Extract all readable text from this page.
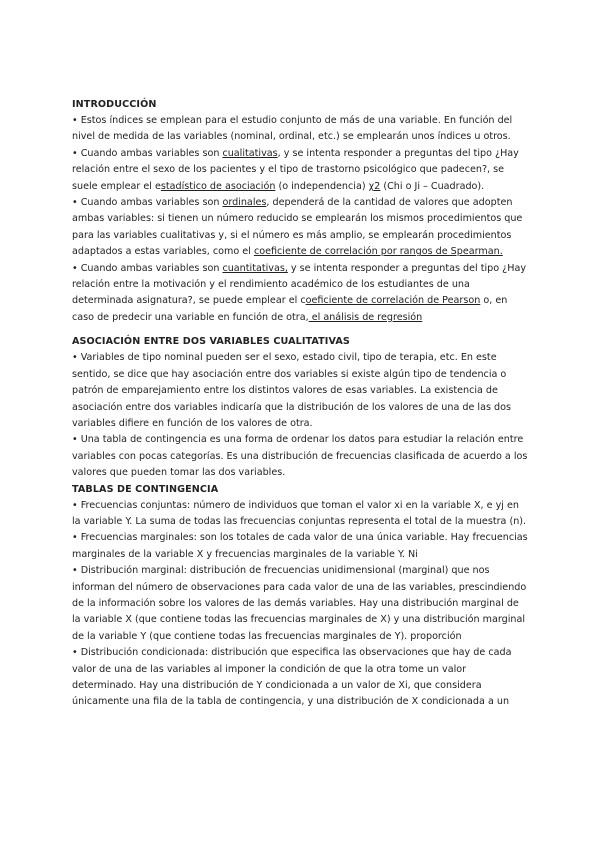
INTRODUCCIÓN

• Estos índices se emplean para el estudio conjunto de más de una variable. En función del nivel de medida de las variables (nominal, ordinal, etc.) se emplearán unos índices u otros.

• Cuando ambas variables son cualitativas, y se intenta responder a preguntas del tipo ¿Hay relación entre el sexo de los pacientes y el tipo de trastorno psicológico que padecen?, se suele emplear el estadístico de asociación (o independencia) χ2 (Chi o Ji – Cuadrado).

• Cuando ambas variables son ordinales, dependerá de la cantidad de valores que adopten ambas variables: si tienen un número reducido se emplearán los mismos procedimientos que para las variables cualitativas y, si el número es más amplio, se emplearán procedimientos adaptados a estas variables, como el coeficiente de correlación por rangos de Spearman.

• Cuando ambas variables son cuantitativas, y se intenta responder a preguntas del tipo ¿Hay relación entre la motivación y el rendimiento académico de los estudiantes de una determinada asignatura?, se puede emplear el coeficiente de correlación de Pearson o, en caso de predecir una variable en función de otra, el análisis de regresión

ASOCIACIÓN ENTRE DOS VARIABLES CUALITATIVAS

• Variables de tipo nominal pueden ser el sexo, estado civil, tipo de terapia, etc. En este sentido, se dice que hay asociación entre dos variables si existe algún tipo de tendencia o patrón de emparejamiento entre los distintos valores de esas variables. La existencia de asociación entre dos variables indicaría que la distribución de los valores de una de las dos variables difiere en función de los valores de otra.

• Una tabla de contingencia es una forma de ordenar los datos para estudiar la relación entre variables con pocas categorías. Es una distribución de frecuencias clasificada de acuerdo a los valores que pueden tomar las dos variables.

TABLAS DE CONTINGENCIA

• Frecuencias conjuntas: número de individuos que toman el valor xi en la variable X, e yj en la variable Y. La suma de todas las frecuencias conjuntas representa el total de la muestra (n).

• Frecuencias marginales: son los totales de cada valor de una única variable. Hay frecuencias marginales de la variable X y frecuencias marginales de la variable Y. Ni

• Distribución marginal: distribución de frecuencias unidimensional (marginal) que nos informan del número de observaciones para cada valor de una de las variables, prescindiendo de la información sobre los valores de las demás variables. Hay una distribución marginal de la variable X (que contiene todas las frecuencias marginales de X) y una distribución marginal de la variable Y (que contiene todas las frecuencias marginales de Y). proporción

• Distribución condicionada: distribución que especifica las observaciones que hay de cada valor de una de las variables al imponer la condición de que la otra tome un valor determinado. Hay una distribución de Y condicionada a un valor de Xi, que considera únicamente una fila de la tabla de contingencia, y una distribución de X condicionada a un
